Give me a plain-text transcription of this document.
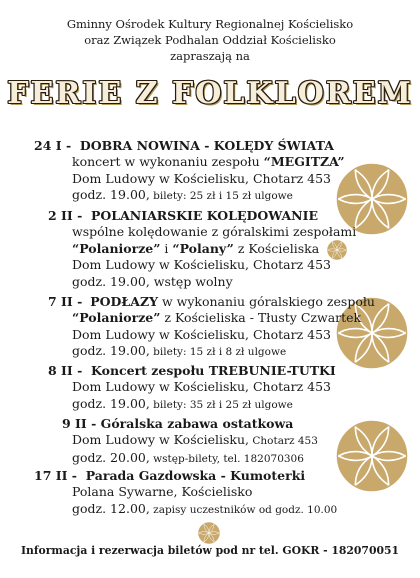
Gminny Ośrodek Kultury Regionalnej Kościelisko
oraz Związek Podhalan Oddział Kościelisko
zapraszają na
FERIE Z FOLKLOREM
24 I - DOBRA NOWINA - KOLĘDY ŚWIATA
koncert w wykonaniu zespołu “MEGITZA”
Dom Ludowy w Kościelisku, Chotarz 453
godz. 19.00, bilety: 25 zł i 15 zł ulgowe
2 II - POLANIARSKIE KOLĘDOWANIE
wspólne kolędowanie z góralskimi zespołami
“Polaniorze” i “Polany” z Kościeliska
Dom Ludowy w Kościelisku, Chotarz 453
godz. 19.00, wstęp wolny
7 II - PODŁAZY w wykonaniu góralskiego zespołu
“Polaniorze” z Kościeliska - Tłusty Czwartek
Dom Ludowy w Kościelisku, Chotarz 453
godz. 19.00, bilety: 15 zł i 8 zł ulgowe
8 II - Koncert zespołu TREBUNIE-TUTKI
Dom Ludowy w Kościelisku, Chotarz 453
godz. 19.00, bilety: 35 zł i 25 zł ulgowe
9 II - Góralska zabawa ostatkowa
Dom Ludowy w Kościelisku, Chotarz 453
godz. 20.00, wstęp-bilety, tel. 182070306
17 II - Parada Gazdowska - Kumoterki
Polana Sywarne, Kościelisko
godz. 12.00, zapisy uczestników od godz. 10.00
Informacja i rezerwacja biletów pod nr tel. GOKR - 182070051
